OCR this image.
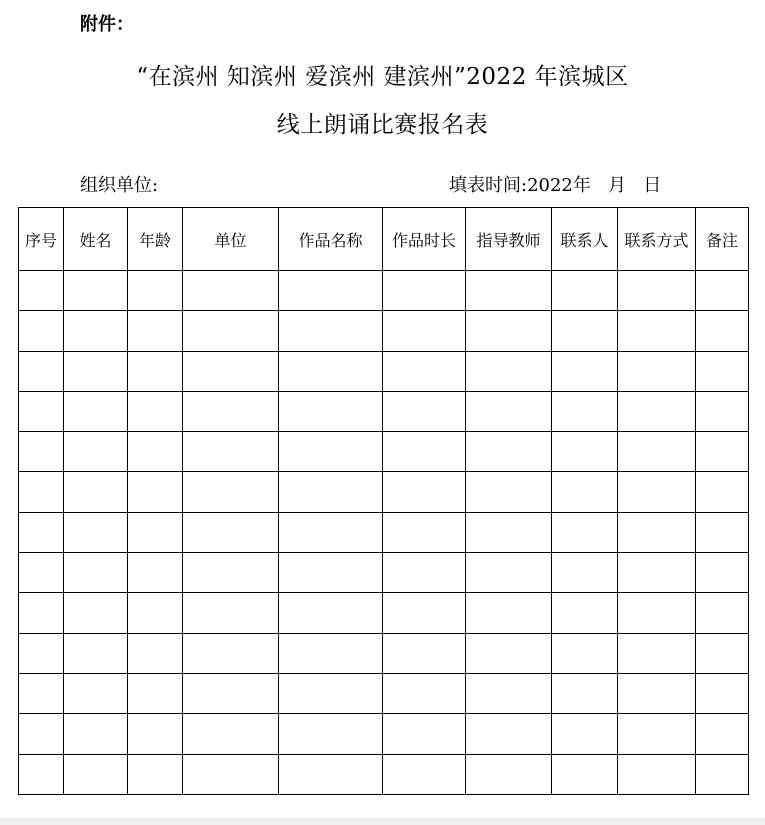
附件：
“在滨州 知滨州 爱滨州 建滨州”2022 年滨城区
线上朗诵比赛报名表
组织单位:	填表时间:2022年   月   日
序号	姓名	年龄	单位	作品名称	作品时长	指导教师	联系人	联系方式	备注
